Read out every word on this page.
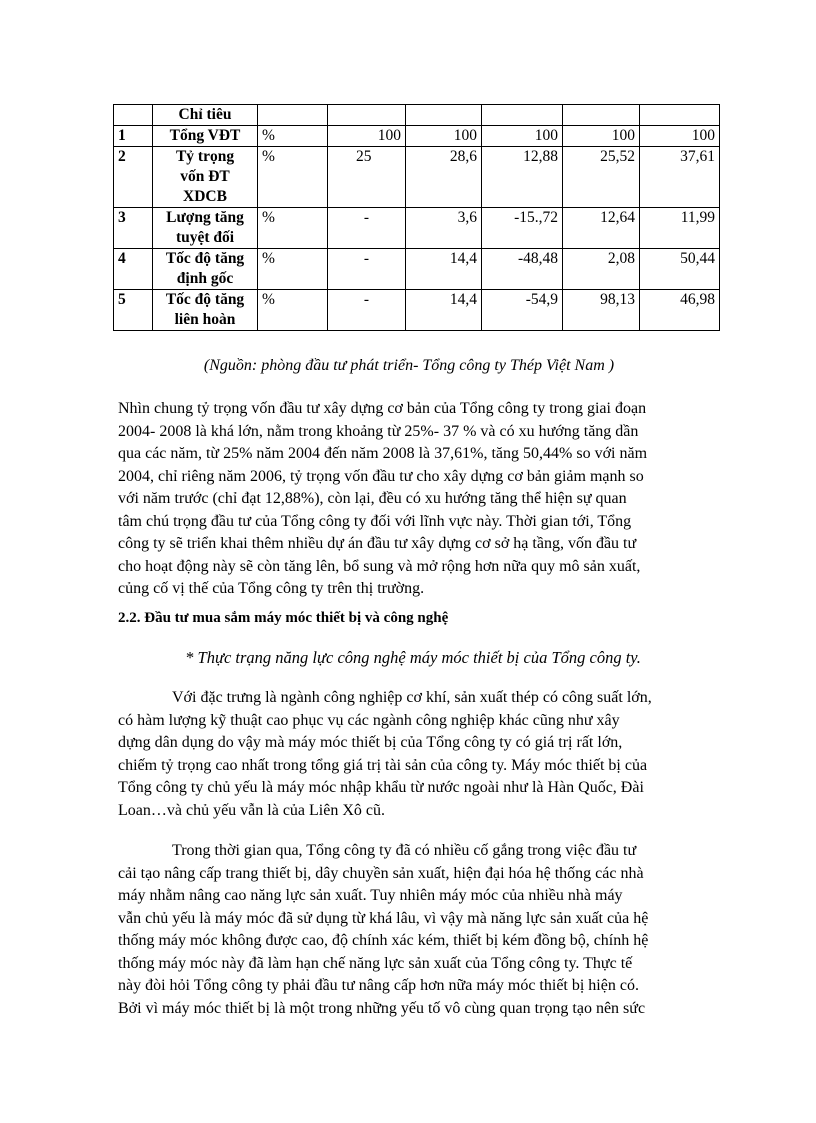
	Chỉ tiêu						
1	Tổng VĐT	%	100	100	100	100	100
2	Tỷ trọng
vốn ĐT
XDCB	%	25	28,6	12,88	25,52	37,61
3	Lượng tăng
tuyệt đối	%	-	3,6	-15.,72	12,64	11,99
4	Tốc độ tăng
định gốc	%	-	14,4	-48,48	2,08	50,44
5	Tốc độ tăng
liên hoàn	%	-	14,4	-54,9	98,13	46,98
(Nguồn: phòng đầu tư phát triển- Tổng công ty Thép Việt Nam )

Nhìn chung tỷ trọng vốn đầu tư xây dựng cơ bản của Tổng công ty trong giai đoạn
2004- 2008 là khá lớn, nằm trong khoảng từ 25%- 37 % và có xu hướng tăng dần
qua các năm, từ 25% năm 2004 đến năm 2008 là 37,61%, tăng 50,44% so với năm
2004, chỉ riêng năm 2006, tỷ trọng vốn đầu tư cho xây dựng cơ bản giảm mạnh so
với năm trước (chỉ đạt 12,88%), còn lại, đều có xu hướng tăng thể hiện sự quan
tâm chú trọng đầu tư của Tổng công ty đối với lĩnh vực này. Thời gian tới, Tổng
công ty sẽ triển khai thêm nhiều dự án đầu tư xây dựng cơ sở hạ tầng, vốn đầu tư
cho hoạt động này sẽ còn tăng lên, bổ sung và mở rộng hơn nữa quy mô sản xuất,
củng cố vị thế của Tổng công ty trên thị trường.

2.2. Đầu tư mua sắm máy móc thiết bị và công nghệ

* Thực trạng năng lực công nghệ máy móc thiết bị của Tổng công ty.

Với đặc trưng là ngành công nghiệp cơ khí, sản xuất thép có công suất lớn,
có hàm lượng kỹ thuật cao phục vụ các ngành công nghiệp khác cũng như xây
dựng dân dụng do vậy mà máy móc thiết bị của Tổng công ty có giá trị rất lớn,
chiếm tỷ trọng cao nhất trong tổng giá trị tài sản của công ty. Máy móc thiết bị của
Tổng công ty chủ yếu là máy móc nhập khẩu từ nước ngoài như là Hàn Quốc, Đài
Loan…và chủ yếu vẫn là của Liên Xô cũ.

Trong thời gian qua, Tổng công ty đã có nhiều cố gắng trong việc đầu tư
cải tạo nâng cấp trang thiết bị, dây chuyền sản xuất, hiện đại hóa hệ thống các nhà
máy nhằm nâng cao năng lực sản xuất. Tuy nhiên máy móc của nhiều nhà máy
vẫn chủ yếu là máy móc đã sử dụng từ khá lâu, vì vậy mà năng lực sản xuất của hệ
thống máy móc không được cao, độ chính xác kém, thiết bị kém đồng bộ, chính hệ
thống máy móc này đã làm hạn chế năng lực sản xuất của Tổng công ty. Thực tế
này đòi hỏi Tổng công ty phải đầu tư nâng cấp hơn nữa máy móc thiết bị hiện có.
Bởi vì máy móc thiết bị là một trong những yếu tố vô cùng quan trọng tạo nên sức
